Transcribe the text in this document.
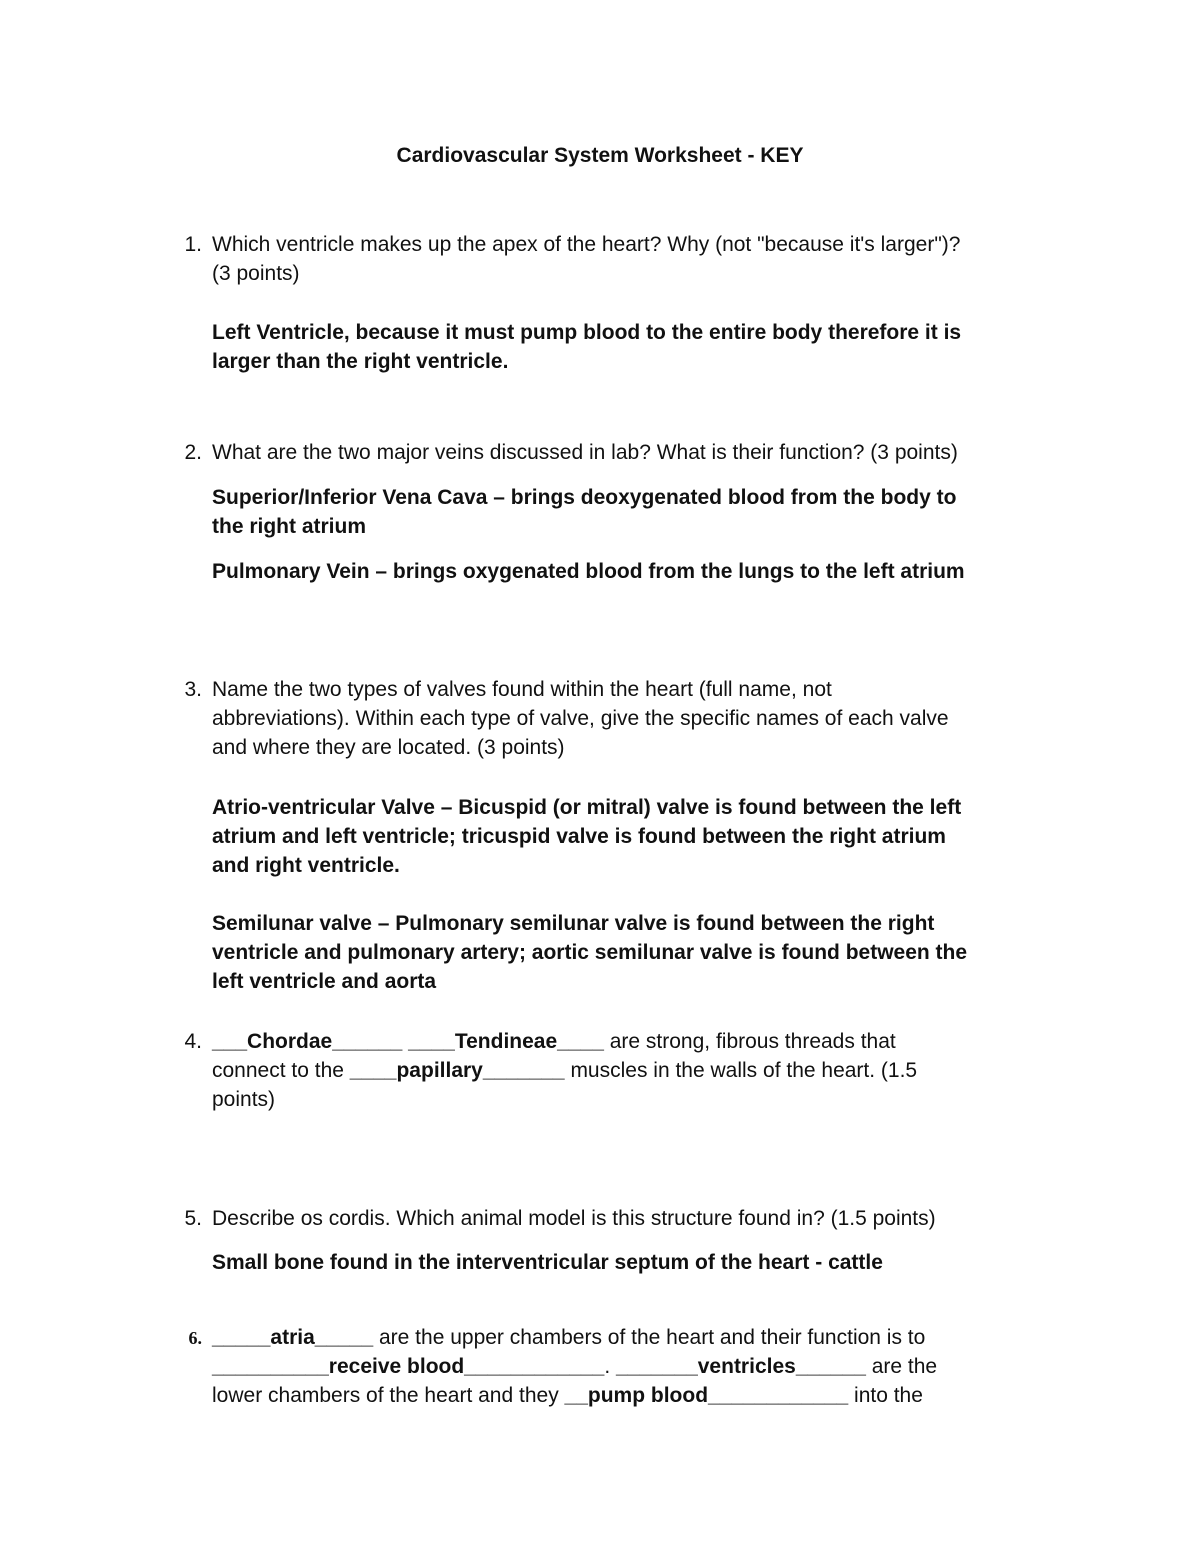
Cardiovascular System Worksheet - KEY
1. Which ventricle makes up the apex of the heart? Why (not "because it's larger")?
(3 points)
Left Ventricle, because it must pump blood to the entire body therefore it is
larger than the right ventricle.
2. What are the two major veins discussed in lab? What is their function? (3 points)
Superior/Inferior Vena Cava – brings deoxygenated blood from the body to
the right atrium
Pulmonary Vein – brings oxygenated blood from the lungs to the left atrium
3. Name the two types of valves found within the heart (full name, not
abbreviations). Within each type of valve, give the specific names of each valve
and where they are located. (3 points)
Atrio-ventricular Valve – Bicuspid (or mitral) valve is found between the left
atrium and left ventricle; tricuspid valve is found between the right atrium
and right ventricle.
Semilunar valve – Pulmonary semilunar valve is found between the right
ventricle and pulmonary artery; aortic semilunar valve is found between the
left ventricle and aorta
4. ___Chordae______ ____Tendineae____ are strong, fibrous threads that
connect to the ____papillary_______ muscles in the walls of the heart. (1.5
points)
5. Describe os cordis. Which animal model is this structure found in? (1.5 points)
Small bone found in the interventricular septum of the heart - cattle
6. _____atria_____ are the upper chambers of the heart and their function is to
__________receive blood____________. _______ventricles______ are the
lower chambers of the heart and they __pump blood____________ into the
